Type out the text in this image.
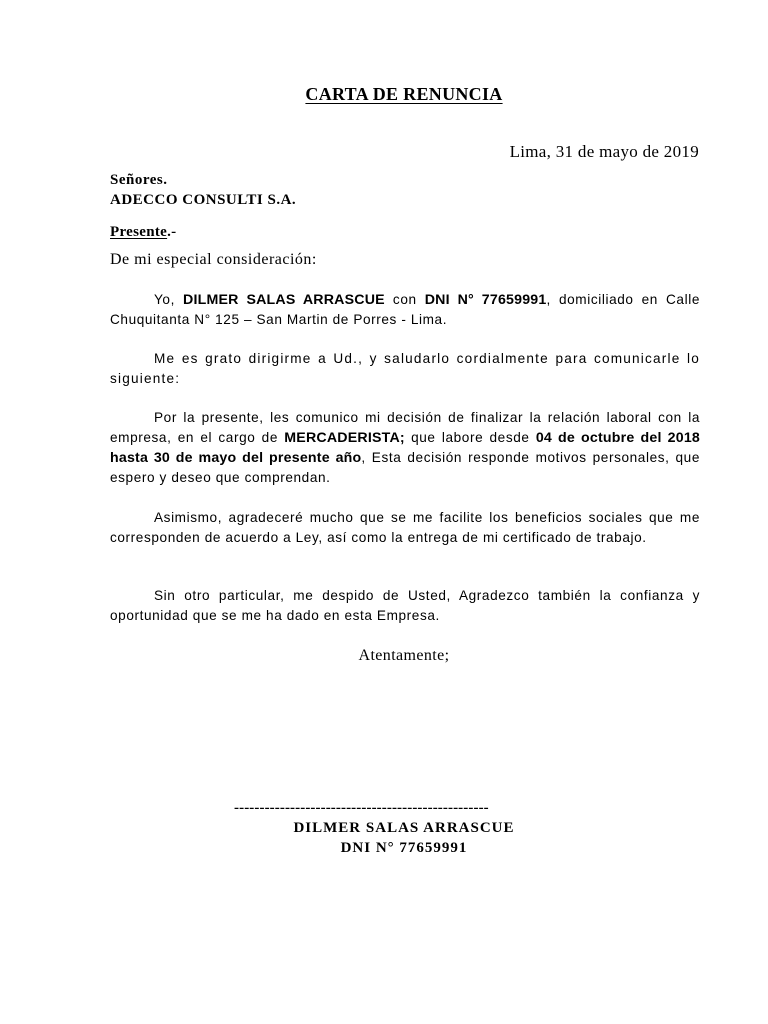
CARTA DE RENUNCIA
Lima, 31 de mayo de 2019
Señores.
ADECCO CONSULTI S.A.
Presente.-
De mi especial consideración:
Yo, DILMER SALAS ARRASCUE con DNI N° 77659991, domiciliado en Calle Chuquitanta N° 125 – San Martin de Porres - Lima.
Me es grato dirigirme a Ud., y saludarlo cordialmente para comunicarle lo siguiente:
Por la presente, les comunico mi decisión de finalizar la relación laboral con la empresa, en el cargo de MERCADERISTA; que labore desde 04 de octubre del 2018 hasta 30 de mayo del presente año, Esta decisión responde motivos personales, que espero y deseo que comprendan.
Asimismo, agradeceré mucho que se me facilite los beneficios sociales que me corresponden de acuerdo a Ley, así como la entrega de mi certificado de trabajo.
Sin otro particular, me despido de Usted, Agradezco también la confianza y oportunidad que se me ha dado en esta Empresa.
Atentamente;
--------------------------------------------------
DILMER SALAS ARRASCUE
DNI N° 77659991
